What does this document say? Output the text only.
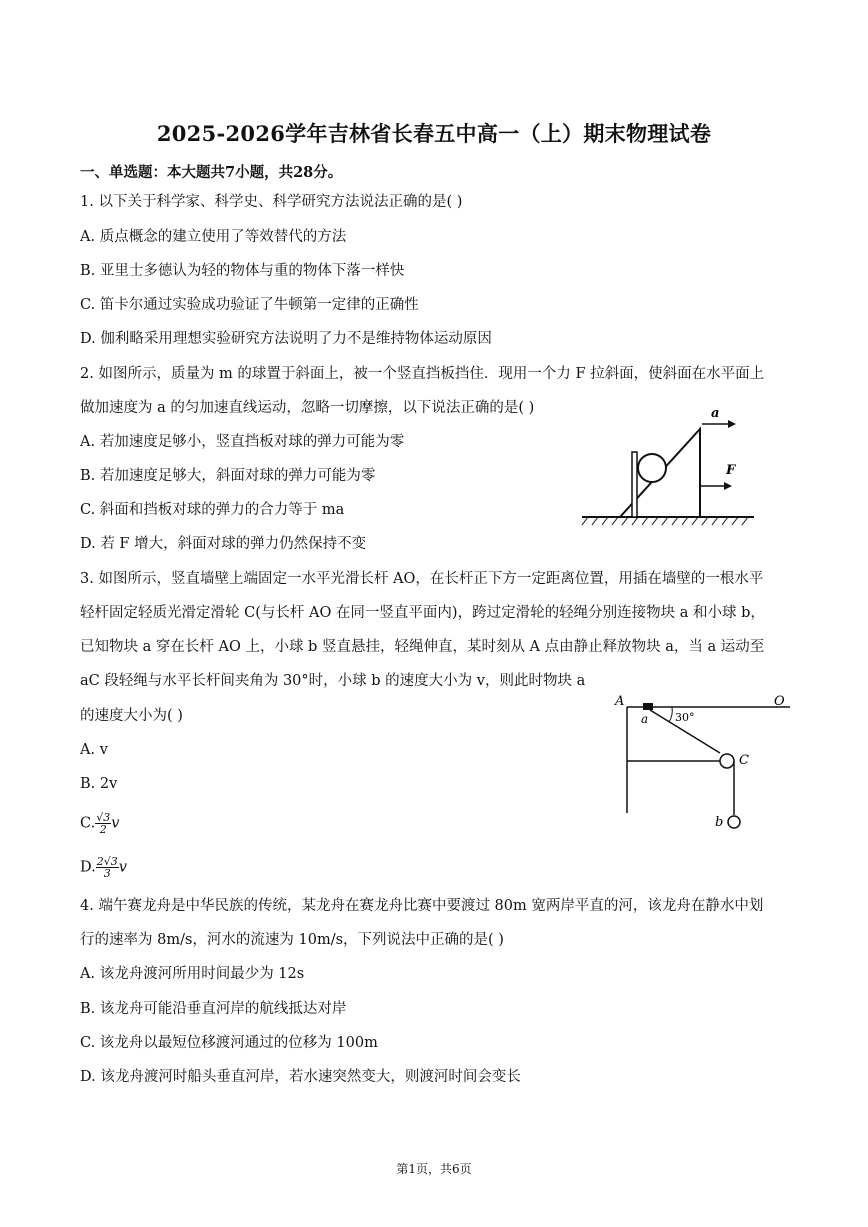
2025-2026学年吉林省长春五中高一（上）期末物理试卷
一、单选题：本大题共7小题，共28分。
1. 以下关于科学家、科学史、科学研究方法说法正确的是( )
A. 质点概念的建立使用了等效替代的方法
B. 亚里士多德认为轻的物体与重的物体下落一样快
C. 笛卡尔通过实验成功验证了牛顿第一定律的正确性
D. 伽利略采用理想实验研究方法说明了力不是维持物体运动原因
2. 如图所示，质量为 m 的球置于斜面上，被一个竖直挡板挡住．现用一个力 F 拉斜面，使斜面在水平面上
做加速度为 a 的匀加速直线运动，忽略一切摩擦，以下说法正确的是( )
A. 若加速度足够小，竖直挡板对球的弹力可能为零
B. 若加速度足够大，斜面对球的弹力可能为零
C. 斜面和挡板对球的弹力的合力等于 ma
D. 若 F 增大，斜面对球的弹力仍然保持不变
a
F
3. 如图所示，竖直墙壁上端固定一水平光滑长杆 AO，在长杆正下方一定距离位置，用插在墙壁的一根水平
轻杆固定轻质光滑定滑轮 C(与长杆 AO 在同一竖直平面内)，跨过定滑轮的轻绳分别连接物块 a 和小球 b，
已知物块 a 穿在长杆 AO 上，小球 b 竖直悬挂，轻绳伸直，某时刻从 A 点由静止释放物块 a，当 a 运动至
aC 段轻绳与水平长杆间夹角为 30°时，小球 b 的速度大小为 v，则此时物块 a
的速度大小为( )
A. v
B. 2v
C. $\frac{√3}{2}$ v
D. $\frac{2√3}{3}$ v
A	O
a 30°
C
b
4. 端午赛龙舟是中华民族的传统，某龙舟在赛龙舟比赛中要渡过 80m 宽两岸平直的河，该龙舟在静水中划
行的速率为 8m/s，河水的流速为 10m/s，下列说法中正确的是( )
A. 该龙舟渡河所用时间最少为 12s
B. 该龙舟可能沿垂直河岸的航线抵达对岸
C. 该龙舟以最短位移渡河通过的位移为 100m
D. 该龙舟渡河时船头垂直河岸，若水速突然变大，则渡河时间会变长
第1页，共6页
